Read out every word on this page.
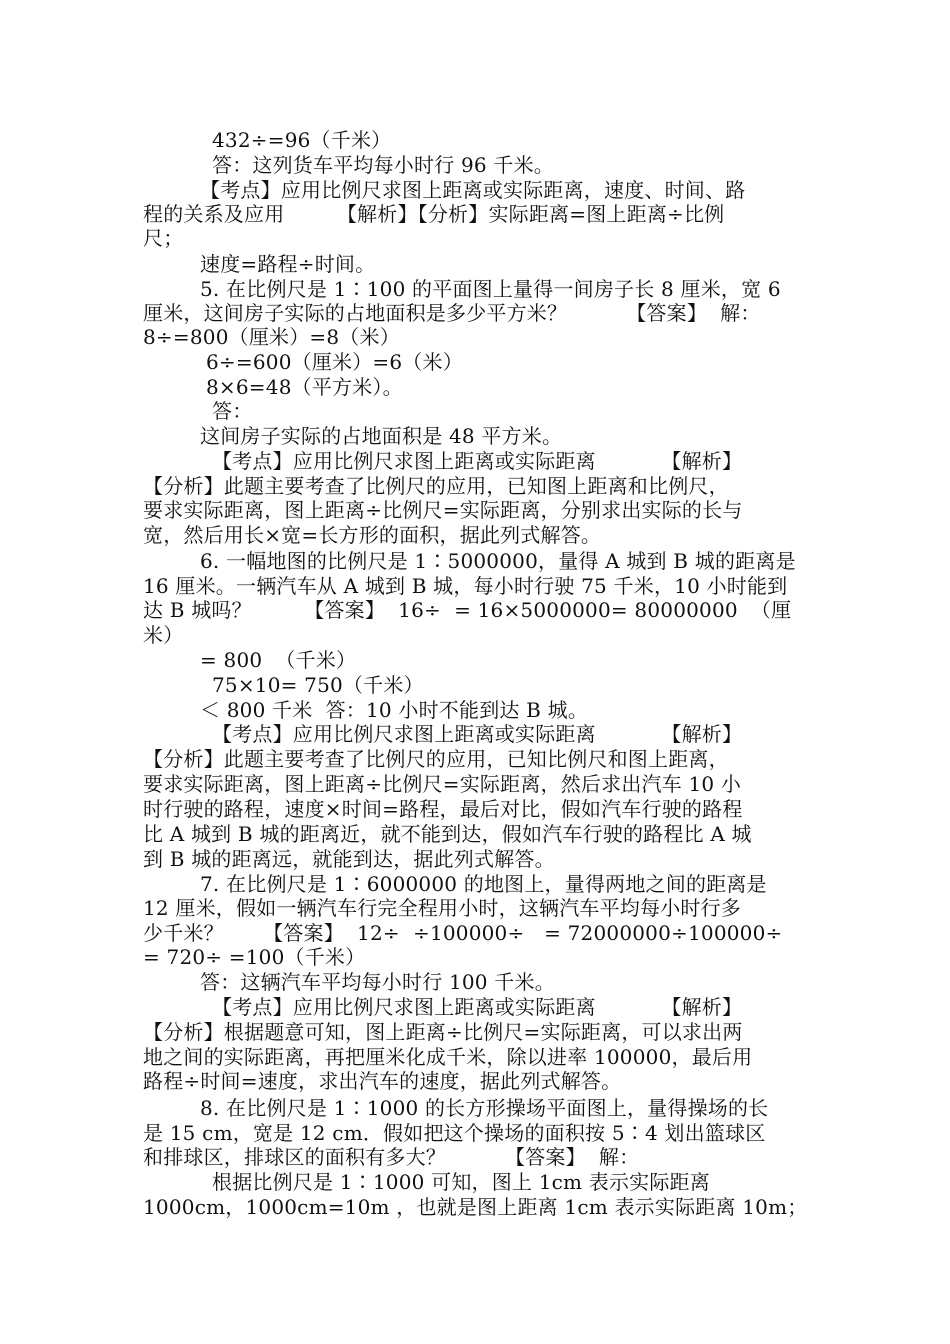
432÷=96（千米）
答：这列货车平均每小时行 96 千米。
【考点】应用比例尺求图上距离或实际距离，速度、时间、路
程的关系及应用        【解析】【分析】实际距离=图上距离÷比例
尺；
速度=路程÷时间。
5. 在比例尺是 1∶100 的平面图上量得一间房子长 8 厘米，宽 6
厘米，这间房子实际的占地面积是多少平方米？         【答案】  解：
8÷=800（厘米）=8（米）
6÷=600（厘米）=6（米）
8×6=48（平方米）。
答：
这间房子实际的占地面积是 48 平方米。
【考点】应用比例尺求图上距离或实际距离          【解析】
【分析】此题主要考查了比例尺的应用，已知图上距离和比例尺，
要求实际距离，图上距离÷比例尺=实际距离，分别求出实际的长与
宽，然后用长×宽=长方形的面积，据此列式解答。
6. 一幅地图的比例尺是 1∶5000000，量得 A 城到 B 城的距离是
16 厘米。一辆汽车从 A 城到 B 城，每小时行驶 75 千米，10 小时能到
达 B 城吗？        【答案】  16÷  = 16×5000000= 80000000  （厘
米）
= 800  （千米）
75×10= 750（千米）
＜ 800 千米  答：10 小时不能到达 B 城。
【考点】应用比例尺求图上距离或实际距离          【解析】
【分析】此题主要考查了比例尺的应用，已知比例尺和图上距离，
要求实际距离，图上距离÷比例尺=实际距离，然后求出汽车 10 小
时行驶的路程，速度×时间=路程，最后对比，假如汽车行驶的路程
比 A 城到 B 城的距离近，就不能到达，假如汽车行驶的路程比 A 城
到 B 城的距离远，就能到达，据此列式解答。
7. 在比例尺是 1∶6000000 的地图上，量得两地之间的距离是
12 厘米，假如一辆汽车行完全程用小时，这辆汽车平均每小时行多
少千米？      【答案】  12÷  ÷100000÷   = 72000000÷100000÷
= 720÷ =100（千米）
答：这辆汽车平均每小时行 100 千米。
【考点】应用比例尺求图上距离或实际距离          【解析】
【分析】根据题意可知，图上距离÷比例尺=实际距离，可以求出两
地之间的实际距离，再把厘米化成千米，除以进率 100000，最后用
路程÷时间=速度，求出汽车的速度，据此列式解答。
8. 在比例尺是 1∶1000 的长方形操场平面图上，量得操场的长
是 15 cm，宽是 12 cm．假如把这个操场的面积按 5∶4 划出篮球区
和排球区，排球区的面积有多大？         【答案】  解：
根据比例尺是 1∶1000 可知，图上 1cm 表示实际距离
1000cm，1000cm=10m ，也就是图上距离 1cm 表示实际距离 10m；
